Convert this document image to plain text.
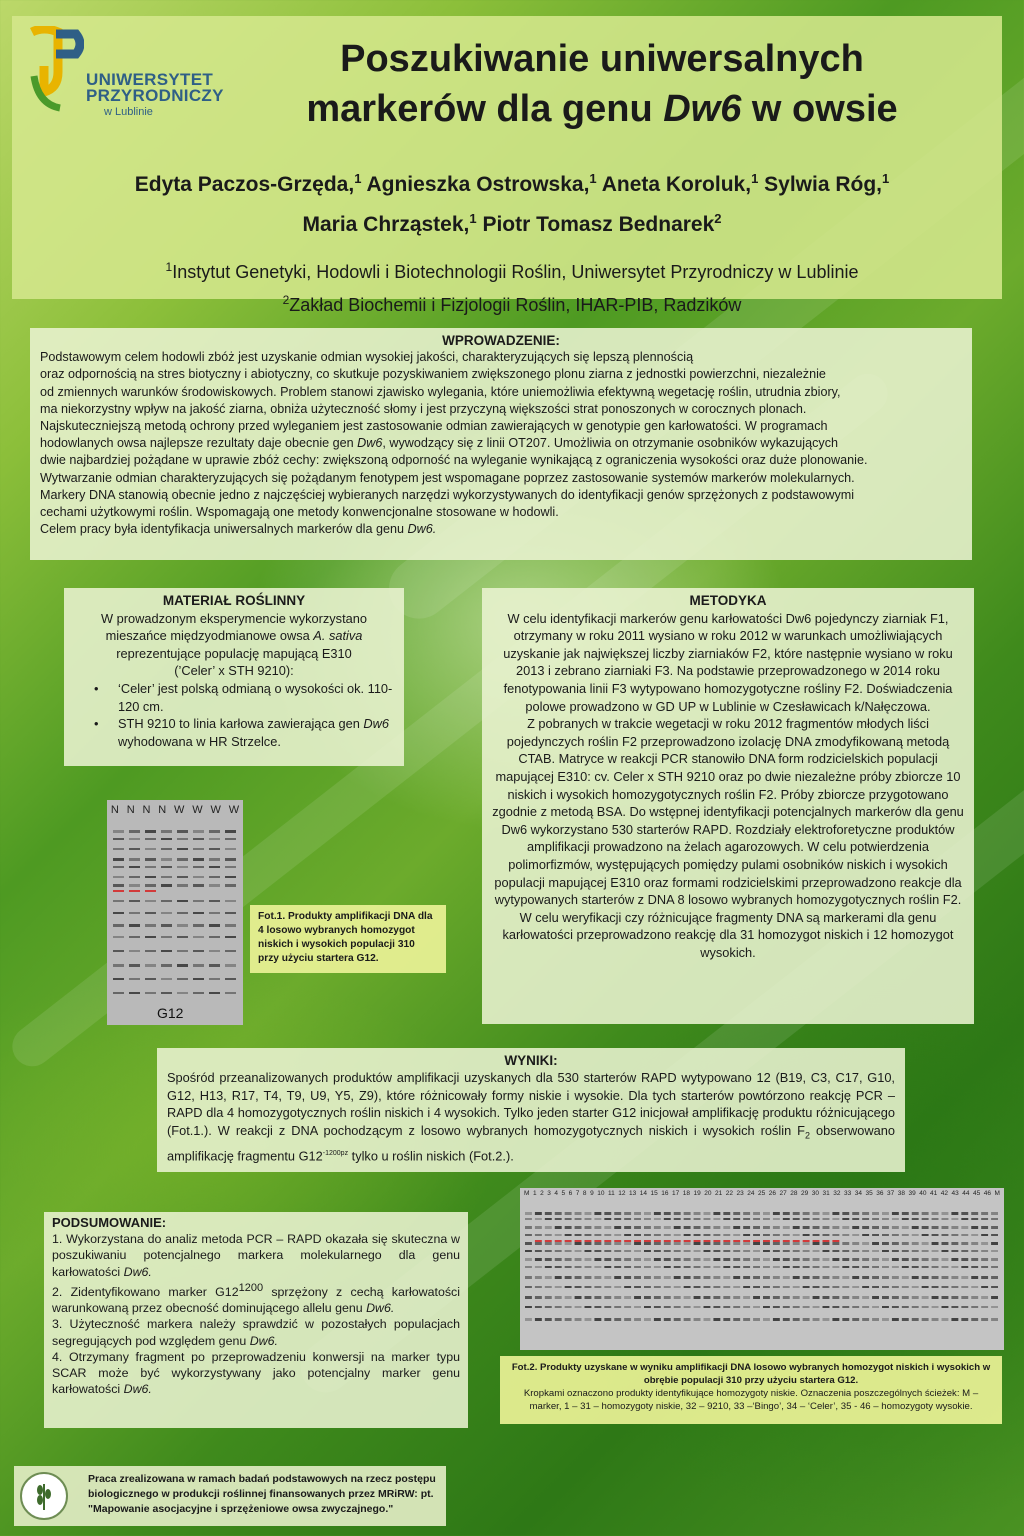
UNIWERSYTET
PRZYRODNICZY
w Lublinie
Poszukiwanie uniwersalnych
markerów dla genu Dw6 w owsie
Edyta Paczos-Grzęda,$^1$ Agnieszka Ostrowska,$^1$ Aneta Koroluk,$^1$ Sylwia Róg,$^1$
Maria Chrząstek,$^1$ Piotr Tomasz Bednarek$^2$
$^1$Instytut Genetyki, Hodowli i Biotechnologii Roślin, Uniwersytet Przyrodniczy w Lublinie
$^2$Zakład Biochemii i Fizjologii Roślin, IHAR-PIB, Radzików
WPROWADZENIE:
Podstawowym celem hodowli zbóż jest uzyskanie odmian wysokiej jakości, charakteryzujących się lepszą plennością
oraz odpornością na stres biotyczny i abiotyczny, co skutkuje pozyskiwaniem zwiększonego plonu ziarna z jednostki powierzchni, niezależnie
od zmiennych warunków środowiskowych. Problem stanowi zjawisko wylegania, które uniemożliwia efektywną wegetację roślin, utrudnia zbiory,
ma niekorzystny wpływ na jakość ziarna, obniża użyteczność słomy i jest przyczyną większości strat ponoszonych w corocznych plonach.
Najskuteczniejszą metodą ochrony przed wyleganiem jest zastosowanie odmian zawierających w genotypie gen karłowatości. W programach
hodowlanych owsa najlepsze rezultaty daje obecnie gen Dw6, wywodzący się z linii OT207. Umożliwia on otrzymanie osobników wykazujących
dwie najbardziej pożądane w uprawie zbóż cechy: zwiększoną odporność na wyleganie wynikającą z ograniczenia wysokości oraz duże plonowanie.
Wytwarzanie odmian charakteryzujących się pożądanym fenotypem jest wspomagane poprzez zastosowanie systemów markerów molekularnych.
Markery DNA stanowią obecnie jedno z najczęściej wybieranych narzędzi wykorzystywanych do identyfikacji genów sprzężonych z podstawowymi
cechami użytkowymi roślin. Wspomagają one metody konwencjonalne stosowane w hodowli.
Celem pracy była identyfikacja uniwersalnych markerów dla genu Dw6.
MATERIAŁ ROŚLINNY
W prowadzonym eksperymencie wykorzystano
mieszańce międzyodmianowe owsa A. sativa
reprezentujące populację mapującą E310
(’Celer’ x STH 9210):
• ‘Celer’ jest polską odmianą o wysokości ok. 110-120 cm.
• STH 9210 to linia karłowa zawierająca gen Dw6 wyhodowana w HR Strzelce.
METODYKA
W celu identyfikacji markerów genu karłowatości Dw6 pojedynczy ziarniak F1, otrzymany w roku 2011 wysiano w roku 2012 w warunkach umożliwiających uzyskanie jak największej liczby ziarniaków F2, które następnie wysiano w roku 2013 i zebrano ziarniaki F3. Na podstawie przeprowadzonego w 2014 roku fenotypowania linii F3 wytypowano homozygotyczne rośliny F2. Doświadczenia polowe prowadzono w GD UP w Lublinie w Czesławicach k/Nałęczowa.
Z pobranych w trakcie wegetacji w roku 2012 fragmentów młodych liści pojedynczych roślin F2 przeprowadzono izolację DNA zmodyfikowaną metodą CTAB. Matryce w reakcji PCR stanowiło DNA form rodzicielskich populacji mapującej E310: cv. Celer x STH 9210 oraz po dwie niezależne próby zbiorcze 10 niskich i wysokich homozygotycznych roślin F2. Próby zbiorcze przygotowano zgodnie z metodą BSA. Do wstępnej identyfikacji potencjalnych markerów dla genu Dw6 wykorzystano 530 starterów RAPD. Rozdziały elektroforetyczne produktów amplifikacji prowadzono na żelach agarozowych. W celu potwierdzenia polimorfizmów, występujących pomiędzy pulami osobników niskich i wysokich populacji mapującej E310 oraz formami rodzicielskimi przeprowadzono reakcje dla wytypowanych starterów z DNA 8 losowo wybranych homozygotycznych roślin F2. W celu weryfikacji czy różnicujące fragmenty DNA są markerami dla genu karłowatości przeprowadzono reakcję dla 31 homozygot niskich i 12 homozygot wysokich.
N N N N W W W W
G12
Fot.1. Produkty amplifikacji DNA dla 4 losowo wybranych homozygot niskich i wysokich populacji 310 przy użyciu startera G12.
WYNIKI:
Spośród przeanalizowanych produktów amplifikacji uzyskanych dla 530 starterów RAPD wytypowano 12 (B19, C3, C17, G10, G12, H13, R17, T4, T9, U9, Y5, Z9), które różnicowały formy niskie i wysokie. Dla tych starterów powtórzono reakcję PCR – RAPD dla 4 homozygotycznych roślin niskich i 4 wysokich. Tylko jeden starter G12 inicjował amplifikację produktu różnicującego (Fot.1.). W reakcji z DNA pochodzącym z losowo wybranych homozygotycznych niskich i wysokich roślin $F_2$ obserwowano amplifikację fragmentu $G12^{-1200pz}$ tylko u roślin niskich (Fot.2.).
PODSUMOWANIE:
1. Wykorzystana do analiz metoda PCR – RAPD okazała się skuteczna w poszukiwaniu potencjalnego markera molekularnego dla genu karłowatości Dw6.
2. Zidentyfikowano marker $G12^{1200}$ sprzężony z cechą karłowatości warunkowaną przez obecność dominującego allelu genu Dw6.
3. Użyteczność markera należy sprawdzić w pozostałych populacjach segregujących pod względem genu Dw6.
4. Otrzymany fragment po przeprowadzeniu konwersji na marker typu SCAR może być wykorzystywany jako potencjalny marker genu karłowatości Dw6.
M 1 2 3 4 5 6 7 8 9 10 11 12 13 14 15 16 17 18 19 20 21 22 23 24 25 26 27 28 29 30 31 32 33 34 35 36 37 38 39 40 41 42 43 44 45 46 M
Fot.2. Produkty uzyskane w wyniku amplifikacji DNA losowo wybranych homozygot niskich i wysokich w obrębie populacji 310 przy użyciu startera G12.
Kropkami oznaczono produkty identyfikujące homozygoty niskie. Oznaczenia poszczególnych ścieżek: M – marker, 1 – 31 – homozygoty niskie, 32 – 9210, 33 –‘Bingo’, 34 – ‘Celer’, 35 - 46 – homozygoty wysokie.
Praca zrealizowana w ramach badań podstawowych na rzecz postępu biologicznego w produkcji roślinnej finansowanych przez MRiRW: pt. "Mapowanie asocjacyjne i sprzężeniowe owsa zwyczajnego."
